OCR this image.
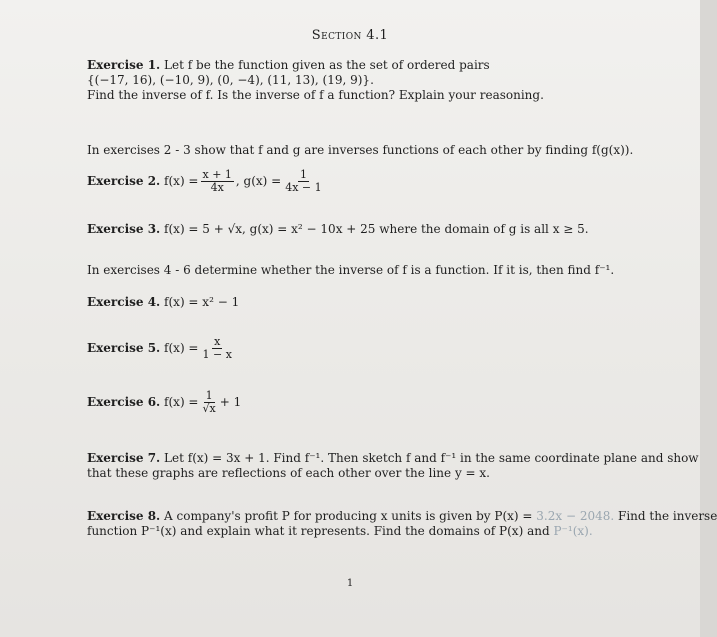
Section 4.1
Exercise 1. Let f be the function given as the set of ordered pairs
{(−17, 16), (−10, 9), (0, −4), (11, 13), (19, 9)}.
Find the inverse of f. Is the inverse of f a function? Explain your reasoning.
In exercises 2 - 3 show that f and g are inverses functions of each other by finding f(g(x)).
Exercise 2.
$f(x) = \frac{x + 1}{4x}$ , $g(x) = \frac{1}{4x - 1}$
Exercise 3. f(x) = 5 + √x, g(x) = x² − 10x + 25 where the domain of g is all x ≥ 5.
In exercises 4 - 6 determine whether the inverse of f is a function. If it is, then find f⁻¹.
Exercise 4. f(x) = x² − 1
Exercise 5.
$f(x) = \frac{x}{1 - x}$
Exercise 6.
$f(x) = \frac{1}{√x} + 1$
Exercise 7. Let f(x) = 3x + 1. Find f⁻¹. Then sketch f and f⁻¹ in the same coordinate plane and show
that these graphs are reflections of each other over the line y = x.
Exercise 8. A company's profit P for producing x units is given by P(x) = 3.2x − 2048. Find the inverse
function P⁻¹(x) and explain what it represents. Find the domains of P(x) and P⁻¹(x).
1
